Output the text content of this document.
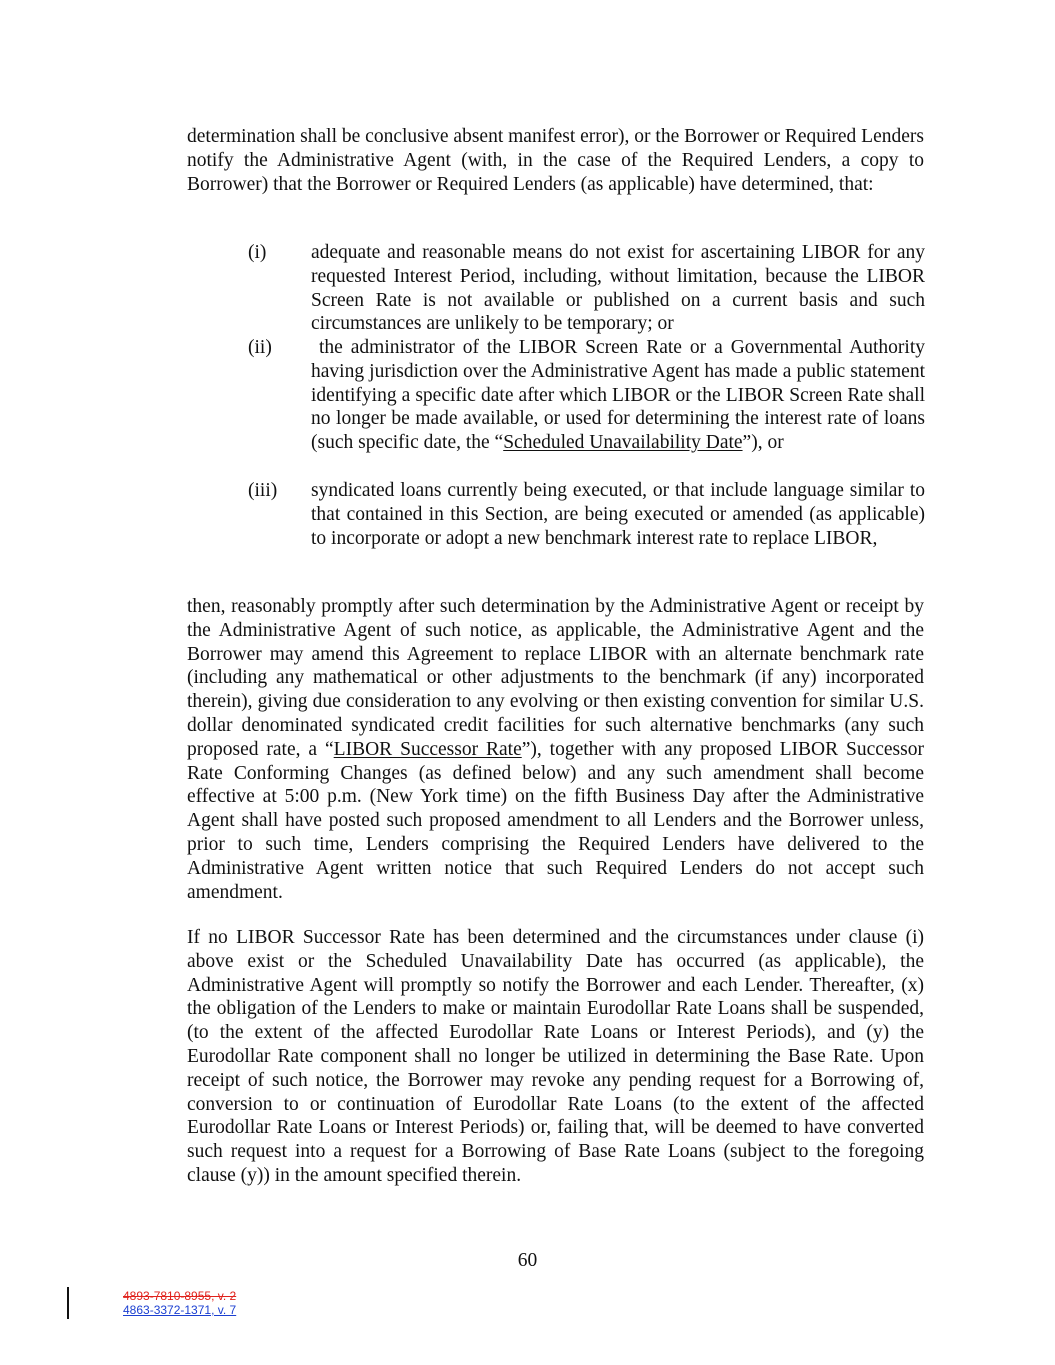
determination shall be conclusive absent manifest error), or the Borrower or Required Lenders notify the Administrative Agent (with, in the case of the Required Lenders, a copy to Borrower) that the Borrower or Required Lenders (as applicable) have determined, that:
(i) adequate and reasonable means do not exist for ascertaining LIBOR for any requested Interest Period, including, without limitation, because the LIBOR Screen Rate is not available or published on a current basis and such circumstances are unlikely to be temporary; or
(ii)	the administrator of the LIBOR Screen Rate or a Governmental Authority having jurisdiction over the Administrative Agent has made a public statement identifying a specific date after which LIBOR or the LIBOR Screen Rate shall no longer be made available, or used for determining the interest rate of loans (such specific date, the “Scheduled Unavailability Date”), or
(iii) syndicated loans currently being executed, or that include language similar to that contained in this Section, are being executed or amended (as applicable) to incorporate or adopt a new benchmark interest rate to replace LIBOR,
then, reasonably promptly after such determination by the Administrative Agent or receipt by the Administrative Agent of such notice, as applicable, the Administrative Agent and the Borrower may amend this Agreement to replace LIBOR with an alternate benchmark rate (including any mathematical or other adjustments to the benchmark (if any) incorporated therein), giving due consideration to any evolving or then existing convention for similar U.S. dollar denominated syndicated credit facilities for such alternative benchmarks (any such proposed rate, a “LIBOR Successor Rate”), together with any proposed LIBOR Successor Rate Conforming Changes (as defined below) and any such amendment shall become effective at 5:00 p.m. (New York time) on the fifth Business Day after the Administrative Agent shall have posted such proposed amendment to all Lenders and the Borrower unless, prior to such time, Lenders comprising the Required Lenders have delivered to the Administrative Agent written notice that such Required Lenders do not accept such amendment.
If no LIBOR Successor Rate has been determined and the circumstances under clause (i) above exist or the Scheduled Unavailability Date has occurred (as applicable), the Administrative Agent will promptly so notify the Borrower and each Lender. Thereafter, (x) the obligation of the Lenders to make or maintain Eurodollar Rate Loans shall be suspended, (to the extent of the affected Eurodollar Rate Loans or Interest Periods), and (y) the Eurodollar Rate component shall no longer be utilized in determining the Base Rate. Upon receipt of such notice, the Borrower may revoke any pending request for a Borrowing of, conversion to or continuation of Eurodollar Rate Loans (to the extent of the affected Eurodollar Rate Loans or Interest Periods) or, failing that, will be deemed to have converted such request into a request for a Borrowing of Base Rate Loans (subject to the foregoing clause (y)) in the amount specified therein.
60
4893-7810-8955, v. 2
4863-3372-1371, v. 7
